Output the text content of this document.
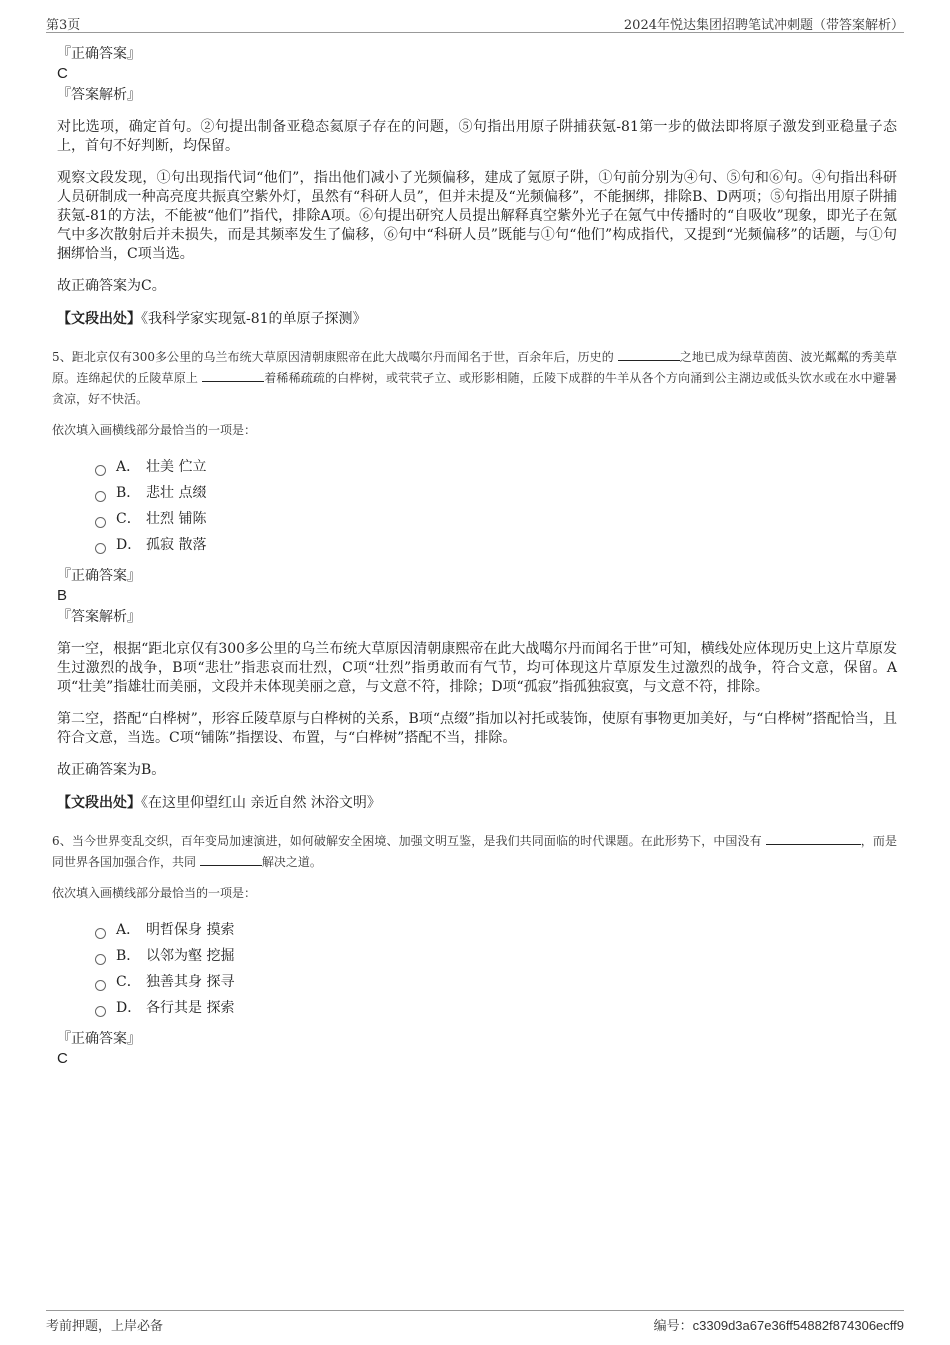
第3页	2024年悦达集团招聘笔试冲刺题（带答案解析）
『正确答案』
C
『答案解析』
对比选项，确定首句。②句提出制备亚稳态氦原子存在的问题，⑤句指出用原子阱捕获氪-81第一步的做法即将原子激发到亚稳量子态上，首句不好判断，均保留。
观察文段发现，①句出现指代词“他们”，指出他们减小了光频偏移，建成了氪原子阱，①句前分别为④句、⑤句和⑥句。④句指出科研人员研制成一种高亮度共振真空紫外灯，虽然有“科研人员”，但并未提及“光频偏移”，不能捆绑，排除B、D两项；⑤句指出用原子阱捕获氪-81的方法，不能被“他们”指代，排除A项。⑥句提出研究人员提出解释真空紫外光子在氪气中传播时的“自吸收”现象，即光子在氪气中多次散射后并未损失，而是其频率发生了偏移，⑥句中“科研人员”既能与①句“他们”构成指代，又提到“光频偏移”的话题，与①句捆绑恰当，C项当选。
故正确答案为C。
【文段出处】《我科学家实现氪-81的单原子探测》
5、距北京仅有300多公里的乌兰布统大草原因清朝康熙帝在此大战噶尔丹而闻名于世，百余年后，历史的	之地已成为绿草茵茵、波光粼粼的秀美草原。连绵起伏的丘陵草原上	着稀稀疏疏的白桦树，或茕茕孑立、或形影相随，丘陵下成群的牛羊从各个方向涌到公主湖边或低头饮水或在水中避暑贪凉，好不快活。
依次填入画横线部分最恰当的一项是：
A． 壮美 伫立
B． 悲壮 点缀
C． 壮烈 铺陈
D． 孤寂 散落
『正确答案』
B
『答案解析』
第一空，根据“距北京仅有300多公里的乌兰布统大草原因清朝康熙帝在此大战噶尔丹而闻名于世”可知，横线处应体现历史上这片草原发生过激烈的战争，B项“悲壮”指悲哀而壮烈，C项“壮烈”指勇敢而有气节，均可体现这片草原发生过激烈的战争，符合文意，保留。A项“壮美”指雄壮而美丽，文段并未体现美丽之意，与文意不符，排除；D项“孤寂”指孤独寂寞，与文意不符，排除。
第二空，搭配“白桦树”，形容丘陵草原与白桦树的关系，B项“点缀”指加以衬托或装饰，使原有事物更加美好，与“白桦树”搭配恰当，且符合文意，当选。C项“铺陈”指摆设、布置，与“白桦树”搭配不当，排除。
故正确答案为B。
【文段出处】《在这里仰望红山 亲近自然 沐浴文明》
6、当今世界变乱交织，百年变局加速演进，如何破解安全困境、加强文明互鉴，是我们共同面临的时代课题。在此形势下，中国没有	，而是同世界各国加强合作，共同	解决之道。
依次填入画横线部分最恰当的一项是：
A． 明哲保身 摸索
B． 以邻为壑 挖掘
C． 独善其身 探寻
D． 各行其是 探索
『正确答案』
C
考前押题，上岸必备	编号：c3309d3a67e36ff54882f874306ecff9
